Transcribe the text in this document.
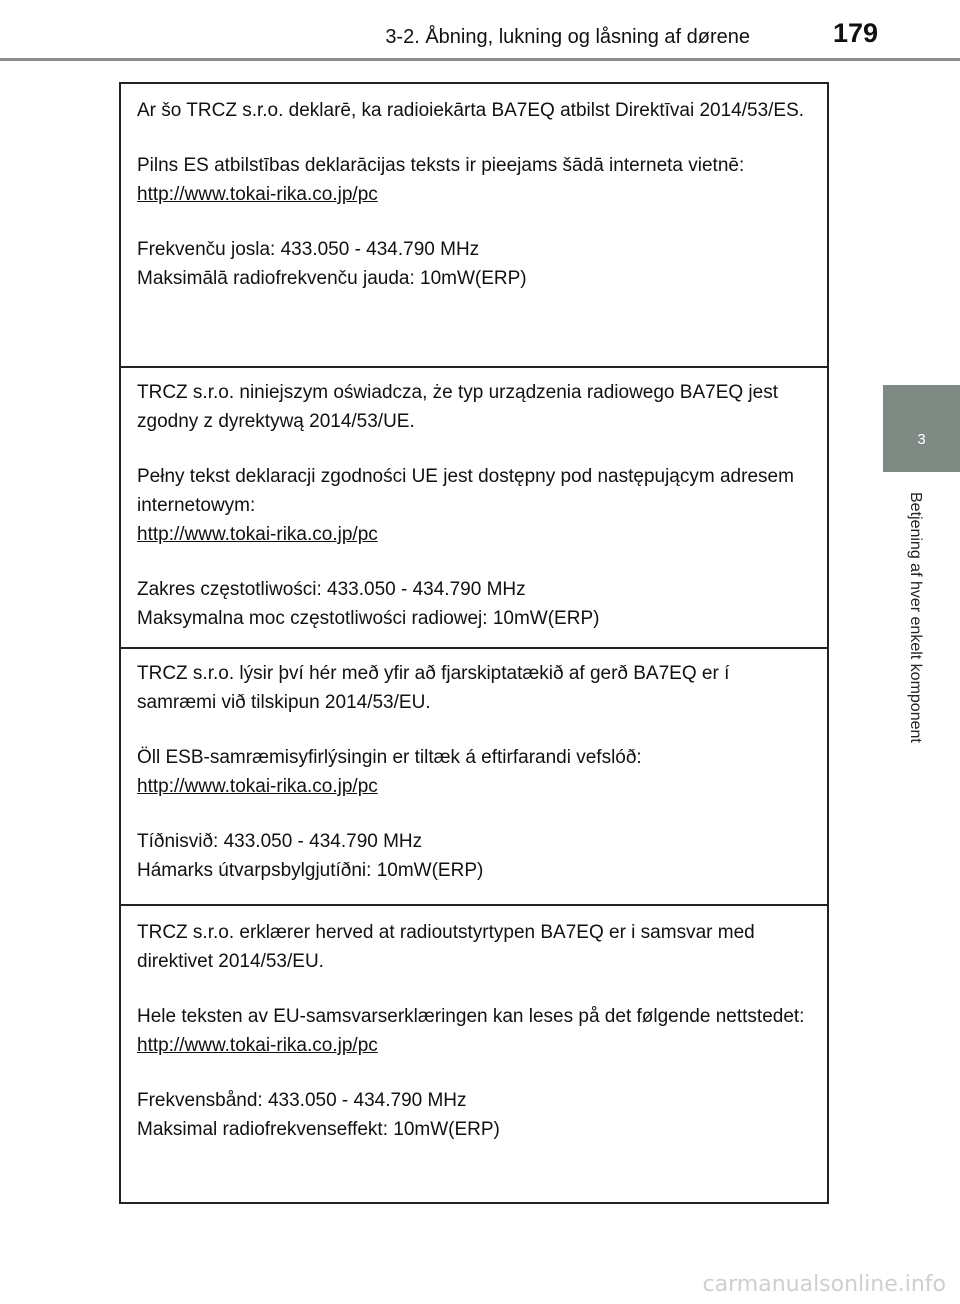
3-2. Åbning, lukning og låsning af dørene	179
3
Betjening af hver enkelt komponent

Ar šo TRCZ s.r.o. deklarē, ka radioiekārta BA7EQ atbilst Direktīvai 2014/53/ES.

Pilns ES atbilstības deklarācijas teksts ir pieejams šādā interneta vietnē:

http://www.tokai-rika.co.jp/pc

Frekvenču josla: 433.050 - 434.790 MHz

Maksimālā radiofrekvenču jauda: 10mW(ERP)

TRCZ s.r.o. niniejszym oświadcza, że typ urządzenia radiowego BA7EQ jest zgodny z dyrektywą 2014/53/UE.

Pełny tekst deklaracji zgodności UE jest dostępny pod następującym adresem internetowym:

http://www.tokai-rika.co.jp/pc

Zakres częstotliwości: 433.050 - 434.790 MHz

Maksymalna moc częstotliwości radiowej: 10mW(ERP)

TRCZ s.r.o. lýsir því hér með yfir að fjarskiptatækið af gerð BA7EQ er í samræmi við tilskipun 2014/53/EU.

Öll ESB-samræmisyfirlýsingin er tiltæk á eftirfarandi vefslóð:

http://www.tokai-rika.co.jp/pc

Tíðnisvið: 433.050 - 434.790 MHz

Hámarks útvarpsbylgjutíðni: 10mW(ERP)

TRCZ s.r.o. erklærer herved at radioutstyrtypen BA7EQ er i samsvar med direktivet 2014/53/EU.

Hele teksten av EU-samsvarserklæringen kan leses på det følgende nettstedet:

http://www.tokai-rika.co.jp/pc

Frekvensbånd: 433.050 - 434.790 MHz

Maksimal radiofrekvenseffekt: 10mW(ERP)

carmanualsonline.info
